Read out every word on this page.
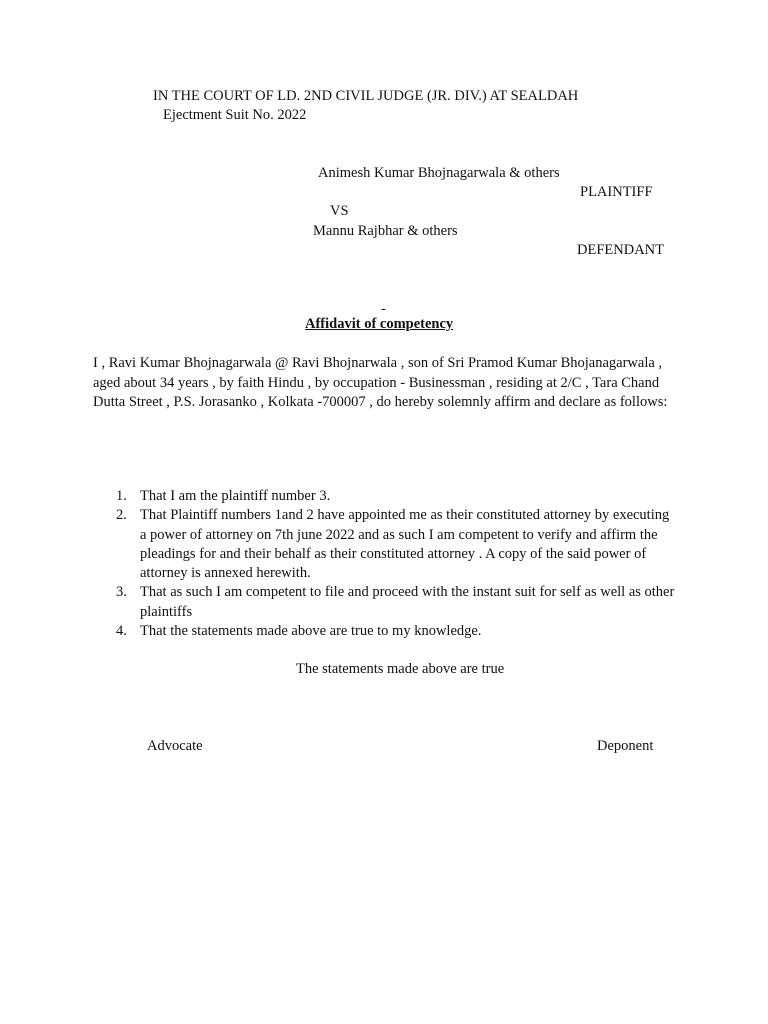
IN THE COURT OF LD. 2ND CIVIL JUDGE (JR. DIV.) AT SEALDAH
Ejectment Suit No. 2022
Animesh Kumar Bhojnagarwala & others
PLAINTIFF
VS
Mannu Rajbhar & others
DEFENDANT
-
Affidavit of competency
I , Ravi Kumar Bhojnagarwala @ Ravi Bhojnarwala , son of Sri Pramod Kumar Bhojanagarwala , aged about 34 years , by faith Hindu , by occupation - Businessman , residing at 2/C , Tara Chand Dutta Street , P.S. Jorasanko , Kolkata -700007 , do hereby solemnly affirm and declare as follows:
1. That I am the plaintiff number 3.
2. That Plaintiff numbers 1and 2 have appointed me as their constituted attorney by executing a power of attorney on 7th june 2022 and as such I am competent to verify and affirm the pleadings for and their behalf as their constituted attorney . A copy of the said power of attorney is annexed herewith.
3. That as such I am competent to file and proceed with the instant suit for self as well as other plaintiffs
4. That the statements made above are true to my knowledge.
The statements made above are true
Advocate	Deponent
